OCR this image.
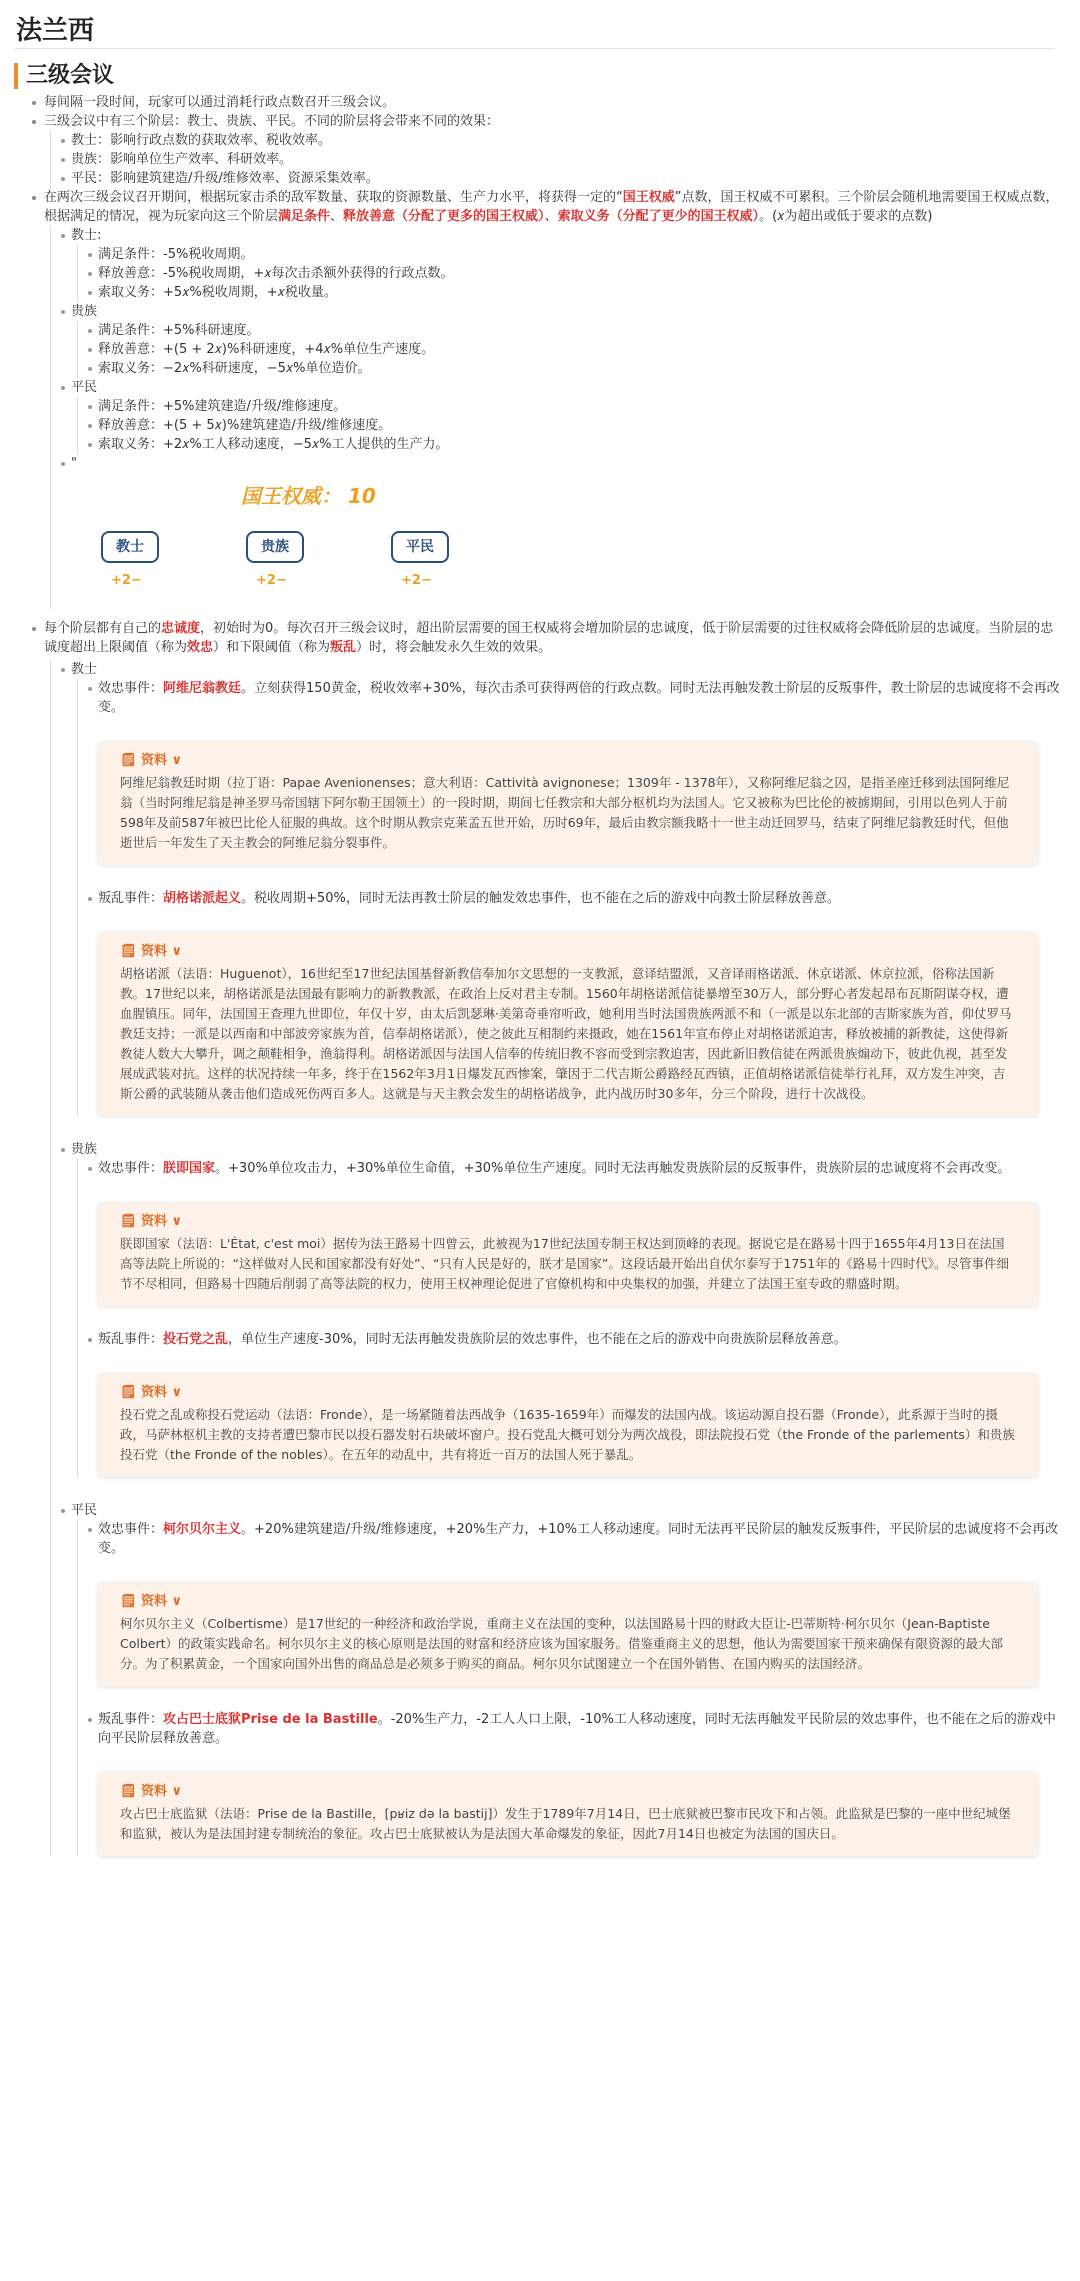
法兰西
三级会议
每间隔一段时间，玩家可以通过消耗行政点数召开三级会议。
三级会议中有三个阶层：教士、贵族、平民。不同的阶层将会带来不同的效果：
教士：影响行政点数的获取效率、税收效率。
贵族：影响单位生产效率、科研效率。
平民：影响建筑建造/升级/维修效率、资源采集效率。
在两次三级会议召开期间，根据玩家击杀的敌军数量、获取的资源数量、生产力水平，将获得一定的“国王权威”点数，国王权威不可累积。三个阶层会随机地需要国王权威点数，根据满足的情况，视为玩家向这三个阶层满足条件、释放善意（分配了更多的国王权威）、索取义务（分配了更少的国王权威）。(𝑥为超出或低于要求的点数)
教士:
满足条件：-5%税收周期。
释放善意：-5%税收周期，+𝑥每次击杀额外获得的行政点数。
索取义务：+5𝑥%税收周期，+𝑥税收量。
贵族
满足条件：+5%科研速度。
释放善意：+(5 + 2𝑥)%科研速度，+4𝑥%单位生产速度。
索取义务：−2𝑥%科研速度，−5𝑥%单位造价。
平民
满足条件：+5%建筑建造/升级/维修速度。
释放善意：+(5 + 5𝑥)%建筑建造/升级/维修速度。
索取义务：+2𝑥%工人移动速度，−5𝑥%工人提供的生产力。
"
国王权威： 10
教士	贵族	平民
+2−	+2−	+2−
每个阶层都有自己的忠诚度，初始时为0。每次召开三级会议时，超出阶层需要的国王权威将会增加阶层的忠诚度，低于阶层需要的过往权威将会降低阶层的忠诚度。当阶层的忠诚度超出上限阈值（称为效忠）和下限阈值（称为叛乱）时，将会触发永久生效的效果。
教士
效忠事件：阿维尼翁教廷。立刻获得150黄金，税收效率+30%，每次击杀可获得两倍的行政点数。同时无法再触发教士阶层的反叛事件，教士阶层的忠诚度将不会再改变。
🗒 资料 ∨
阿维尼翁教廷时期（拉丁语：Papae Avenionenses；意大利语：Cattività avignonese；1309年 - 1378年），又称阿维尼翁之囚，是指圣座迁移到法国阿维尼翁（当时阿维尼翁是神圣罗马帝国辖下阿尔勒王国领土）的一段时期，期间七任教宗和大部分枢机均为法国人。它又被称为巴比伦的被掳期间，引用以色列人于前598年及前587年被巴比伦人征服的典故。这个时期从教宗克莱孟五世开始，历时69年，最后由教宗额我略十一世主动迁回罗马，结束了阿维尼翁教廷时代，但他逝世后一年发生了天主教会的阿维尼翁分裂事件。
叛乱事件：胡格诺派起义。税收周期+50%，同时无法再教士阶层的触发效忠事件，也不能在之后的游戏中向教士阶层释放善意。
🗒 资料 ∨
胡格诺派（法语：Huguenot），16世纪至17世纪法国基督新教信奉加尔文思想的一支教派，意译结盟派，又音译雨格诺派、休京诺派、休京拉派，俗称法国新教。17世纪以来，胡格诺派是法国最有影响力的新教教派，在政治上反对君主专制。1560年胡格诺派信徒暴增至30万人，部分野心者发起昂布瓦斯阴谋夺权，遭血腥镇压。同年，法国国王查理九世即位，年仅十岁，由太后凯瑟琳·美第奇垂帘听政，她利用当时法国贵族两派不和（一派是以东北部的吉斯家族为首，仰仗罗马教廷支持；一派是以西南和中部波旁家族为首，信奉胡格诺派），使之彼此互相制约来摄政，她在1561年宣布停止对胡格诺派迫害，释放被捕的新教徒，这使得新教徒人数大大攀升，调之颠鞋相争，渔翁得利。胡格诺派因与法国人信奉的传统旧教不容而受到宗教迫害，因此新旧教信徒在两派贵族煽动下，彼此仇视，甚至发展成武装对抗。这样的状况持续一年多，终于在1562年3月1日爆发瓦西惨案，肇因于二代吉斯公爵路经瓦西镇，正值胡格诺派信徒举行礼拜，双方发生冲突，吉斯公爵的武装随从袭击他们造成死伤两百多人。这就是与天主教会发生的胡格诺战争，此内战历时30多年，分三个阶段，进行十次战役。
贵族
效忠事件：朕即国家。+30%单位攻击力，+30%单位生命值，+30%单位生产速度。同时无法再触发贵族阶层的反叛事件，贵族阶层的忠诚度将不会再改变。
🗒 资料 ∨
朕即国家（法语：L'État, c'est moi）据传为法王路易十四曾云，此被视为17世纪法国专制王权达到顶峰的表现。据说它是在路易十四于1655年4月13日在法国高等法院上所说的：“这样做对人民和国家都没有好处”、“只有人民是好的，朕才是国家”。这段话最开始出自伏尔泰写于1751年的《路易十四时代》。尽管事件细节不尽相同，但路易十四随后削弱了高等法院的权力，使用王权神理论促进了官僚机构和中央集权的加强，并建立了法国王室专政的鼎盛时期。
叛乱事件：投石党之乱，单位生产速度-30%，同时无法再触发贵族阶层的效忠事件，也不能在之后的游戏中向贵族阶层释放善意。
🗒 资料 ∨
投石党之乱或称投石党运动（法语：Fronde），是一场紧随着法西战争（1635-1659年）而爆发的法国内战。该运动源自投石器（Fronde），此系源于当时的摄政，马萨林枢机主教的支持者遭巴黎市民以投石器发射石块破坏窗户。投石党乱大概可划分为两次战役，即法院投石党（the Fronde of the parlements）和贵族投石党（the Fronde of the nobles）。在五年的动乱中，共有将近一百万的法国人死于暴乱。
平民
效忠事件：柯尔贝尔主义。+20%建筑建造/升级/维修速度，+20%生产力，+10%工人移动速度。同时无法再平民阶层的触发反叛事件，平民阶层的忠诚度将不会再改变。
🗒 资料 ∨
柯尔贝尔主义（Colbertisme）是17世纪的一种经济和政治学说，重商主义在法国的变种，以法国路易十四的财政大臣让-巴蒂斯特·柯尔贝尔（Jean-Baptiste Colbert）的政策实践命名。柯尔贝尔主义的核心原则是法国的财富和经济应该为国家服务。借鉴重商主义的思想，他认为需要国家干预来确保有限资源的最大部分。为了积累黄金，一个国家向国外出售的商品总是必须多于购买的商品。柯尔贝尔试图建立一个在国外销售、在国内购买的法国经济。
叛乱事件：攻占巴士底狱Prise de la Bastille。-20%生产力，-2工人人口上限，-10%工人移动速度，同时无法再触发平民阶层的效忠事件，也不能在之后的游戏中向平民阶层释放善意。
🗒 资料 ∨
攻占巴士底监狱（法语：Prise de la Bastille，[pʁiz də la bastij]）发生于1789年7月14日，巴士底狱被巴黎市民攻下和占领。此监狱是巴黎的一座中世纪城堡和监狱，被认为是法国封建专制统治的象征。攻占巴士底狱被认为是法国大革命爆发的象征，因此7月14日也被定为法国的国庆日。
